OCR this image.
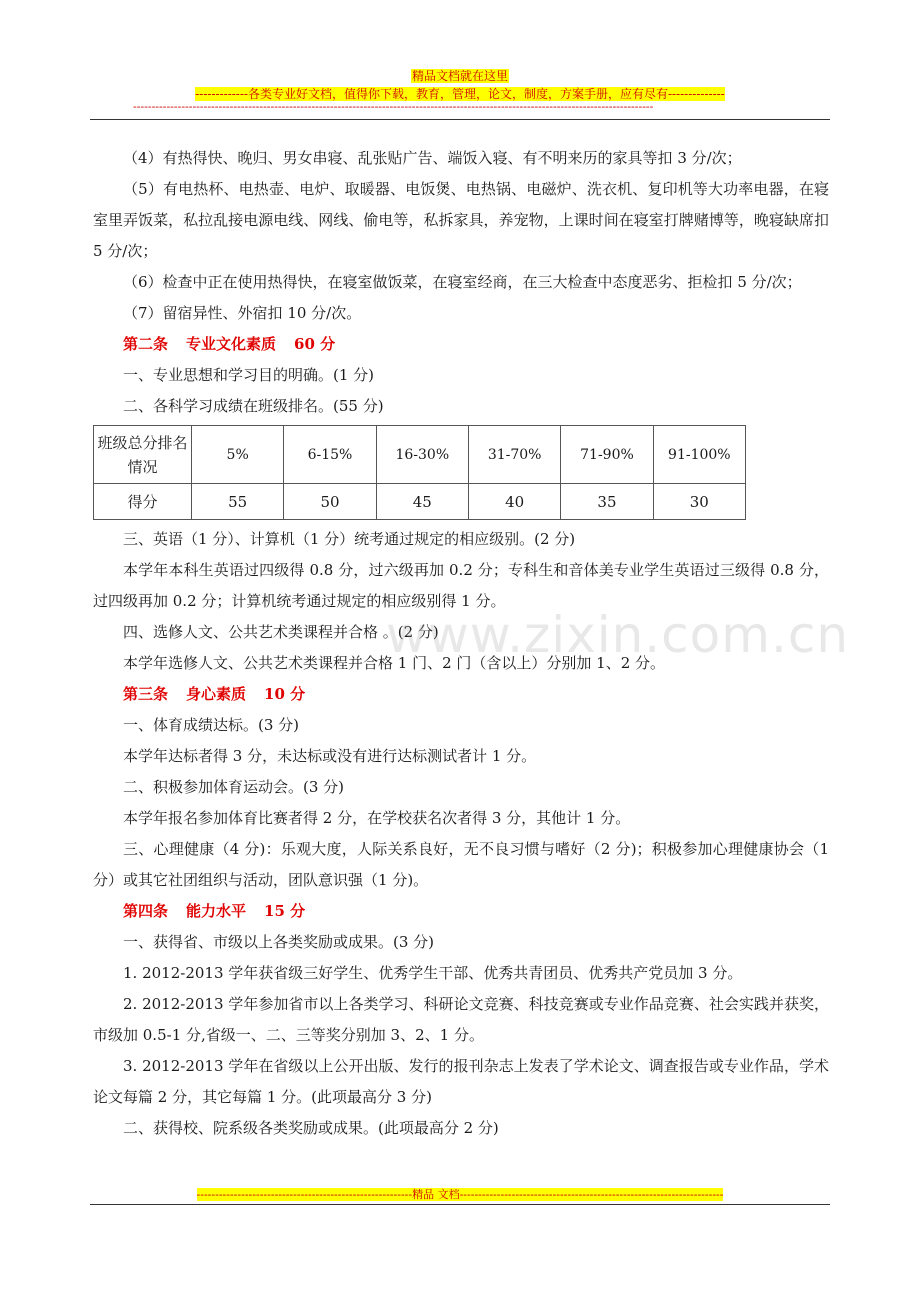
精品文档就在这里
-------------各类专业好文档，值得你下载，教育，管理，论文，制度，方案手册，应有尽有--------------
--------------------------------------------------------------------------------------------------------------------------------------------

（4）有热得快、晚归、男女串寝、乱张贴广告、端饭入寝、有不明来历的家具等扣 3 分/次；

（5）有电热杯、电热壶、电炉、取暖器、电饭煲、电热锅、电磁炉、洗衣机、复印机等大功率电器，在寝室里弄饭菜，私拉乱接电源电线、网线、偷电等，私拆家具，养宠物，上课时间在寝室打牌赌博等，晚寝缺席扣 5 分/次；

（6）检查中正在使用热得快，在寝室做饭菜，在寝室经商，在三大检查中态度恶劣、拒检扣 5 分/次；

（7）留宿异性、外宿扣 10 分/次。

第二条 专业文化素质 60 分

一、专业思想和学习目的明确。(1 分)

二、各科学习成绩在班级排名。(55 分)

班级总分排名情况	5%	6-15%	16-30%	31-70%	71-90%	91-100%
得分	55	50	45	40	35	30

三、英语（1 分）、计算机（1 分）统考通过规定的相应级别。(2 分)

本学年本科生英语过四级得 0.8 分，过六级再加 0.2 分；专科生和音体美专业学生英语过三级得 0.8 分，过四级再加 0.2 分；计算机统考通过规定的相应级别得 1 分。

四、选修人文、公共艺术类课程并合格 。(2 分)

本学年选修人文、公共艺术类课程并合格 1 门、2 门（含以上）分别加 1、2 分。

第三条 身心素质 10 分

一、体育成绩达标。(3 分)

本学年达标者得 3 分，未达标或没有进行达标测试者计 1 分。

二、积极参加体育运动会。(3 分)

本学年报名参加体育比赛者得 2 分，在学校获名次者得 3 分，其他计 1 分。

三、心理健康（4 分)：乐观大度，人际关系良好，无不良习惯与嗜好（2 分)；积极参加心理健康协会（1 分）或其它社团组织与活动，团队意识强（1 分)。

第四条 能力水平 15 分

一、获得省、市级以上各类奖励或成果。(3 分)

1. 2012-2013 学年获省级三好学生、优秀学生干部、优秀共青团员、优秀共产党员加 3 分。

2. 2012-2013 学年参加省市以上各类学习、科研论文竞赛、科技竞赛或专业作品竞赛、社会实践并获奖，市级加 0.5-1 分,省级一、二、三等奖分别加 3、2、1 分。

3. 2012-2013 学年在省级以上公开出版、发行的报刊杂志上发表了学术论文、调查报告或专业作品，学术论文每篇 2 分，其它每篇 1 分。(此项最高分 3 分)

二、获得校、院系级各类奖励或成果。(此项最高分 2 分)

www.zixin.com.cn
----------------------------------------------------------精品 文档-----------------------------------------------------------------------
